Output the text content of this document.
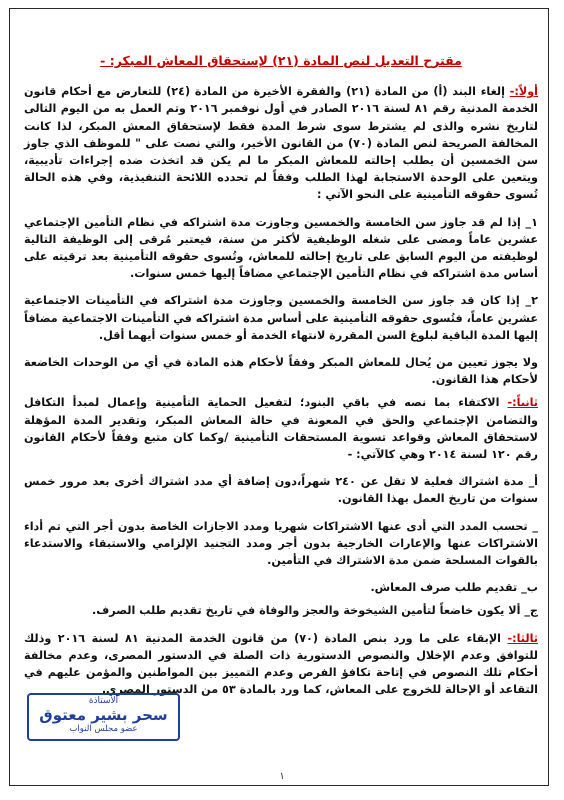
مقترح التعديل لنص المادة (٢١) لإستحقاق المعاش المبكر: -

أولاً:- إلغاء البند (أ) من المادة (٢١) والفقرة الأخيرة من المادة (٢٤) للتعارض مع أحكام قانون الخدمة المدنية رقم ٨١ لسنة ٢٠١٦ الصادر في أول نوفمبر ٢٠١٦ وتم العمل به من اليوم التالى لتاريخ نشره والذى لم يشترط سوى شرط المدة فقط لإستحقاق المعش المبكر، لذا كانت المخالفة الصريحة لنص المادة (٧٠) من القانون الأخير، والتي نصت على " للموظف الذي جاوز سن الخمسين أن يطلب إحالته للمعاش المبكر ما لم يكن قد اتخذت ضده إجراءات تأديبية، ويتعين على الوحدة الاستجابة لهذا الطلب وفقاً لم تحدده اللائحة التنفيذية، وفي هذه الحالة تُسوى حقوقه التأمينية على النحو الآتي :

١_ إذا لم قد جاوز سن الخامسة والخمسين وجاوزت مدة اشتراكه في نظام التأمين الإجتماعي عشرين عاماً ومضى على شغله الوظيفية لأكثر من سنة، فيعتبر مُرقى إلى الوظيفة التالية لوظيفته من اليوم السابق على تاريخ إحالته للمعاش، وتُسوى حقوقه التأمينية بعد ترقيته على أساس مدة اشتراكه في نظام التأمين الإجتماعي مضافاً إليها خمس سنوات.

٢_ إذا كان قد جاوز سن الخامسة والخمسين وجاوزت مدة اشتراكه في التأمينات الاجتماعية عشرين عاماً، فتُسوى حقوقه التأمينية على أساس مدة اشتراكه في التأمينات الاجتماعية مضافاً إليها المدة الباقية لبلوغ السن المقررة لانتهاء الخدمة أو خمس سنوات أيهما أقل.

ولا يجوز تعيين من يُحال للمعاش المبكر وفقاً لأحكام هذه المادة في أي من الوحدات الخاضعة لأحكام هذا القانون.

ثانياً:- الاكتفاء بما نصه في باقي البنود؛ لتفعيل الحماية التأمينية وإعمال لمبدأ التكافل والتضامن الإجتماعي والحق في المعونة في حالة المعاش المبكر، وتقدير المدة المؤهلة لاستحقاق المعاش وقواعد تسوية المستحقات التأمينية /وكما كان متبع وفقاً لأحكام القانون رقم ١٢٠ لسنة ٢٠١٤ وهي كالآتي: -

أ_ مدة اشتراك فعلية لا تقل عن ٢٤٠ شهراً،دون إضافة أي مدد اشتراك أخرى بعد مرور خمس سنوات من تاريخ العمل بهذا القانون.

_ تحسب المدد التي أدى عنها الاشتراكات شهريا ومدد الاجازات الخاصة بدون أجر التي تم أداء الاشتراكات عنها والإعارات الخارجية بدون أجر ومدد التجنيد الإلزامي والاستبقاء والاستدعاء بالقوات المسلحة ضمن مدة الاشتراك في التأمين.

ب_ تقديم طلب صرف المعاش.

ج_ ألا يكون خاضعاً لتأمين الشيخوخة والعجز والوفاة في تاريخ تقديم طلب الصرف.

ثالثا:- الإبقاء على ما ورد بنص المادة (٧٠) من قانون الخدمة المدنية ٨١ لسنة ٢٠١٦ وذلك للتوافق وعدم الإخلال والنصوص الدستورية ذات الصلة في الدستور المصرى، وعدم مخالفة أحكام تلك النصوص في إتاحة تكافؤ الفرص وعدم التمييز بين المواطنين والمؤمن عليهم في التقاعد أو الإحالة للخروج على المعاش، كما ورد بالمادة ٥٣ من الدستور المصري.

الأستاذة
سحر بشير معتوق
عضو مجلس النواب
١
